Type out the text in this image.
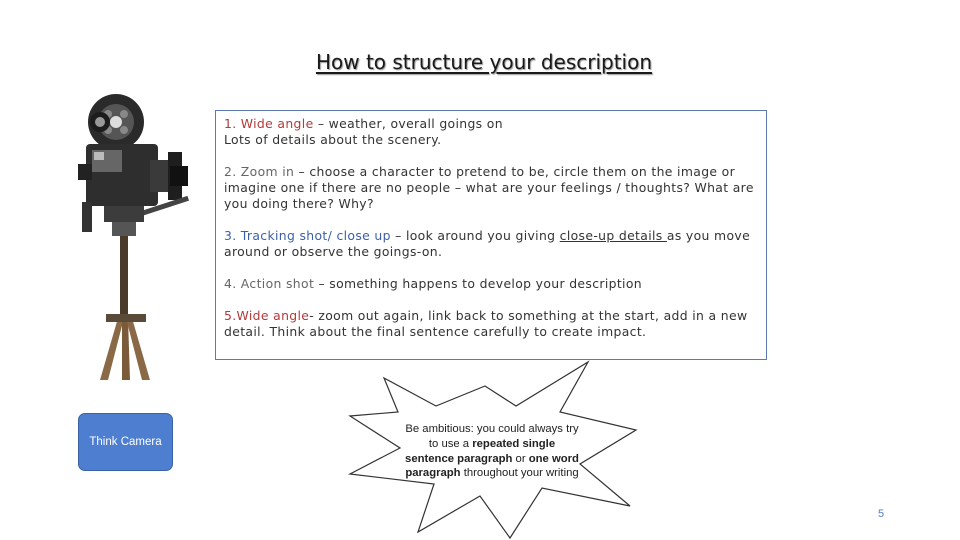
How to structure your description

1. Wide angle – weather, overall goings on
Lots of details about the scenery.

2. Zoom in – choose a character to pretend to be, circle them on the image or imagine one if there are no people – what are your feelings / thoughts? What are you doing there? Why?

3. Tracking shot/ close up – look around you giving close-up details as you move around or observe the goings-on.

4. Action shot – something happens to develop your description

5.Wide angle- zoom out again, link back to something at the start, add in a new detail. Think about the final sentence carefully to create impact.

Think Camera
Be ambitious: you could always try to use a repeated single sentence paragraph or one word paragraph throughout your writing
5
